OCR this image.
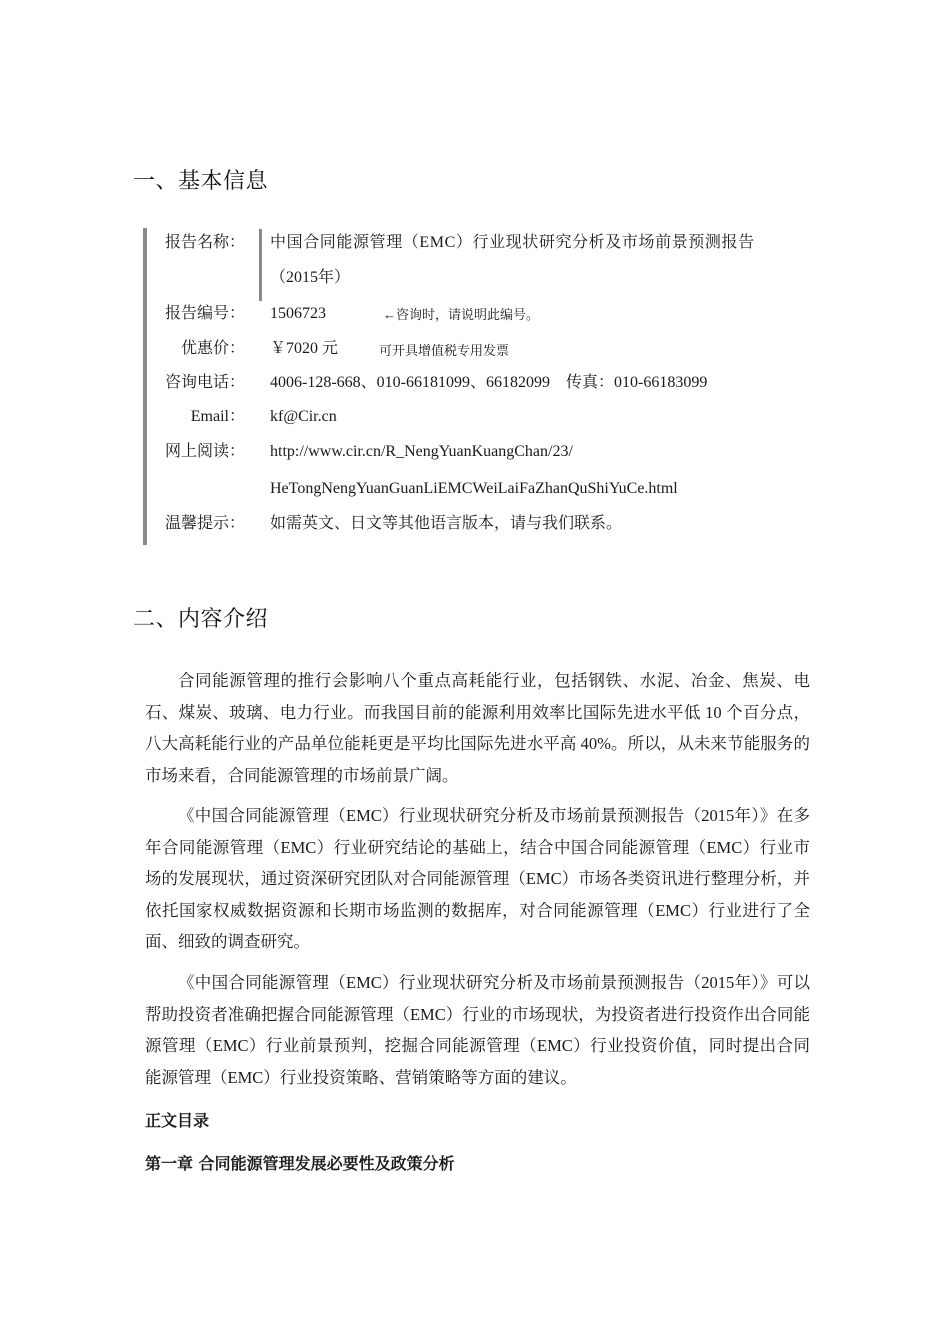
一、基本信息
报告名称： 中国合同能源管理（EMC）行业现状研究分析及市场前景预测报告
（2015年）
报告编号： 1506723	←咨询时，请说明此编号。
优惠价： ￥7020 元	可开具增值税专用发票
咨询电话： 4006-128-668、010-66181099、66182099　传真：010-66183099
Email： kf@Cir.cn
网上阅读： http://www.cir.cn/R_NengYuanKuangChan/23/
HeTongNengYuanGuanLiEMCWeiLaiFaZhanQuShiYuCe.html
温馨提示： 如需英文、日文等其他语言版本，请与我们联系。
二、内容介绍

合同能源管理的推行会影响八个重点高耗能行业，包括钢铁、水泥、冶金、焦炭、电石、煤炭、玻璃、电力行业。而我国目前的能源利用效率比国际先进水平低 10 个百分点，八大高耗能行业的产品单位能耗更是平均比国际先进水平高 40%。所以，从未来节能服务的市场来看，合同能源管理的市场前景广阔。

《中国合同能源管理（EMC）行业现状研究分析及市场前景预测报告（2015年）》在多年合同能源管理（EMC）行业研究结论的基础上，结合中国合同能源管理（EMC）行业市场的发展现状，通过资深研究团队对合同能源管理（EMC）市场各类资讯进行整理分析，并依托国家权威数据资源和长期市场监测的数据库，对合同能源管理（EMC）行业进行了全面、细致的调查研究。

《中国合同能源管理（EMC）行业现状研究分析及市场前景预测报告（2015年）》可以帮助投资者准确把握合同能源管理（EMC）行业的市场现状，为投资者进行投资作出合同能源管理（EMC）行业前景预判，挖掘合同能源管理（EMC）行业投资价值，同时提出合同能源管理（EMC）行业投资策略、营销策略等方面的建议。

正文目录
第一章 合同能源管理发展必要性及政策分析
